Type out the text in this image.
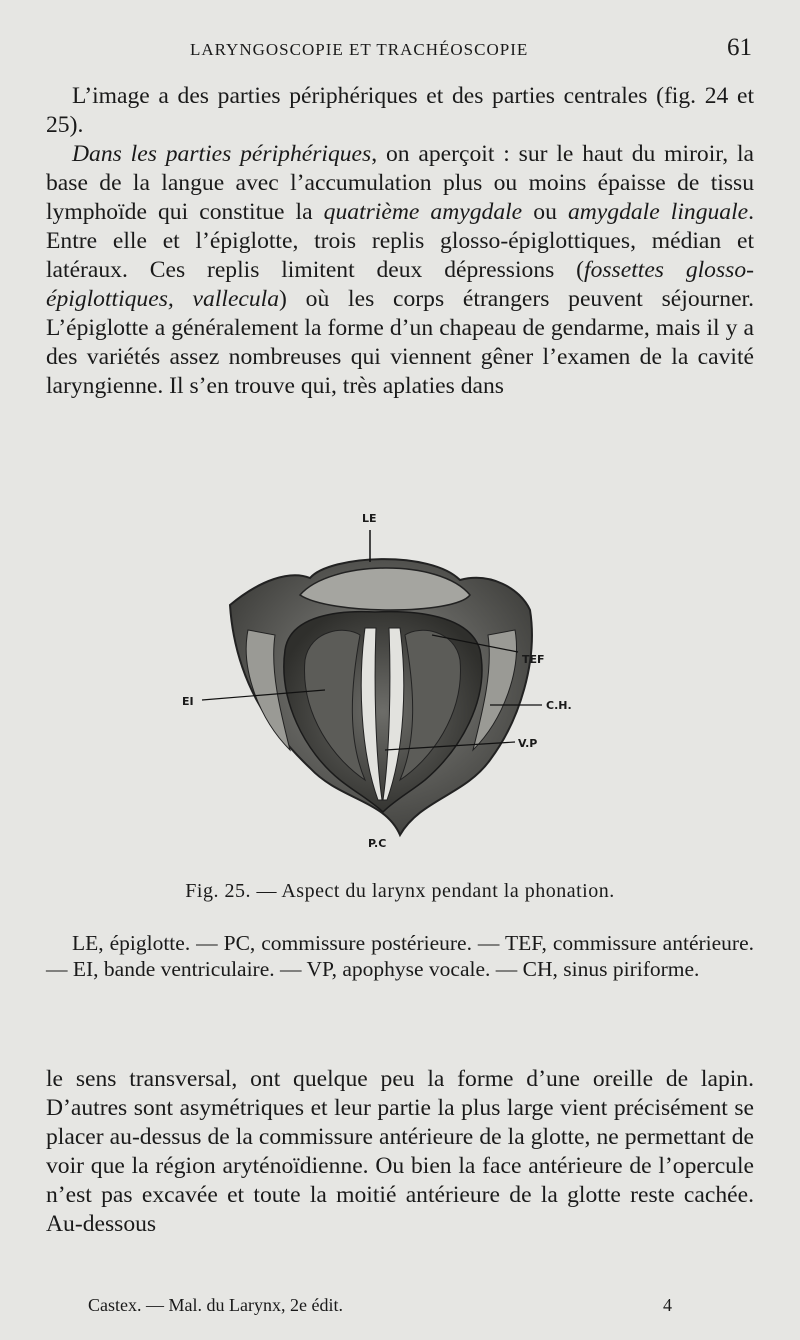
LARYNGOSCOPIE ET TRACHÉOSCOPIE	61

L’image a des parties périphériques et des parties centrales (fig. 24 et 25).

Dans les parties périphériques, on aperçoit : sur le haut du miroir, la base de la langue avec l’accumulation plus ou moins épaisse de tissu lymphoïde qui constitue la quatrième amygdale ou amygdale linguale. Entre elle et l’épiglotte, trois replis glosso-épiglottiques, médian et latéraux. Ces replis limitent deux dépressions (fossettes glosso-épiglottiques, vallecula) où les corps étrangers peuvent séjourner. L’épiglotte a généralement la forme d’un chapeau de gendarme, mais il y a des variétés assez nombreuses qui viennent gêner l’examen de la cavité laryngienne. Il s’en trouve qui, très aplaties dans

LE
TEF
EI	C.H.
V.P
P.C
Fig. 25. — Aspect du larynx pendant la phonation.

LE, épiglotte. — PC, commissure postérieure. — TEF, commissure antérieure. — EI, bande ventriculaire. — VP, apophyse vocale. — CH, sinus piriforme.

le sens transversal, ont quelque peu la forme d’une oreille de lapin. D’autres sont asymétriques et leur partie la plus large vient précisément se placer au-dessus de la commissure antérieure de la glotte, ne permettant de voir que la région aryténoïdienne. Ou bien la face antérieure de l’opercule n’est pas excavée et toute la moitié antérieure de la glotte reste cachée. Au-dessous

Castex. — Mal. du Larynx, 2e édit.	4
